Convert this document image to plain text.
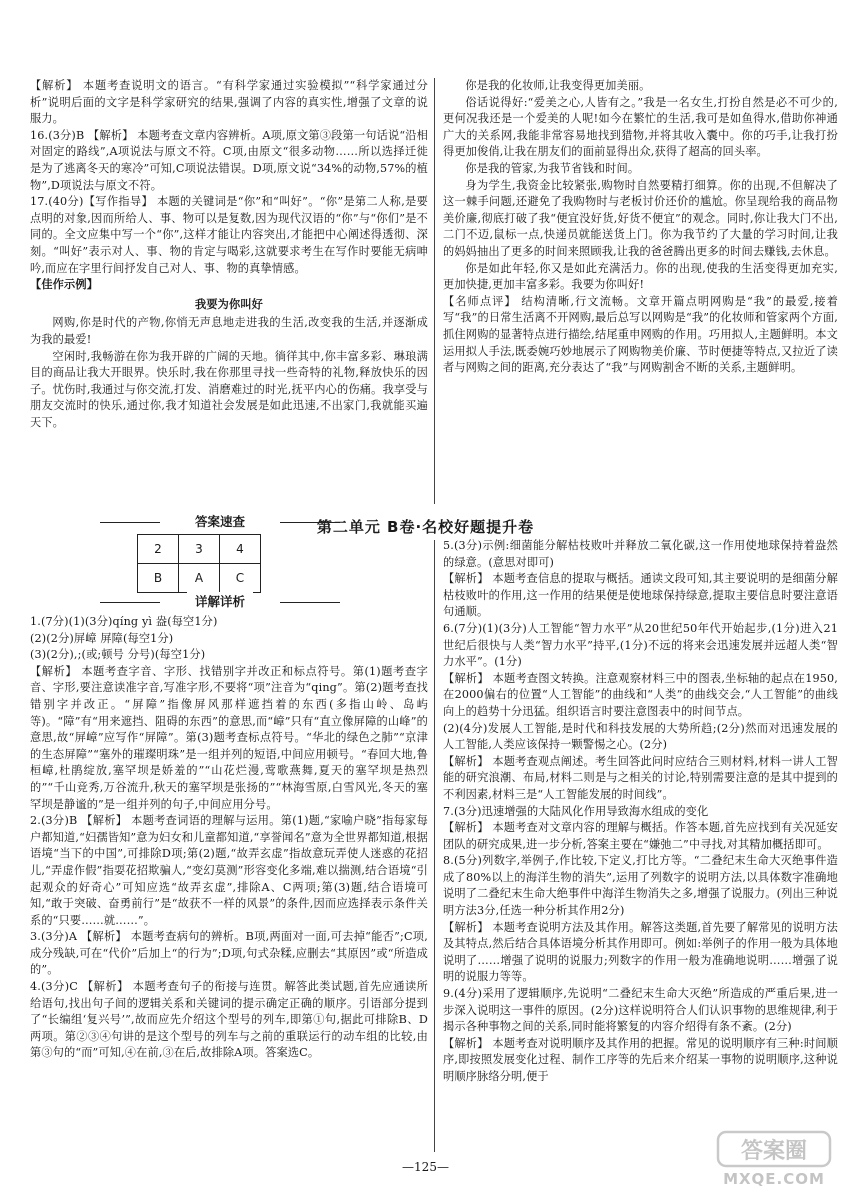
【解析】 本题考查说明文的语言。“有科学家通过实验模拟”“科学家通过分析”说明后面的文字是科学家研究的结果,强调了内容的真实性,增强了文章的说服力。

16.(3分)B 【解析】 本题考查文章内容辨析。A项,原文第③段第一句话说“沿相对固定的路线”,A项说法与原文不符。C项,由原文“很多动物……所以选择迁徙是为了逃离冬天的寒冷”可知,C项说法错误。D项,原文说“34%的动物,57%的植物”,D项说法与原文不符。

17.(40分)【写作指导】 本题的关键词是“你”和“叫好”。“你”是第二人称,是要点明的对象,因而所给人、事、物可以是复数,因为现代汉语的“你”与“你们”是不同的。全文应集中写一个“你”,这样才能让内容突出,才能把中心阐述得透彻、深刻。“叫好”表示对人、事、物的肯定与喝彩,这就要求考生在写作时要能无病呻吟,而应在字里行间抒发自己对人、事、物的真挚情感。

【佳作示例】

我要为你叫好

网购,你是时代的产物,你悄无声息地走进我的生活,改变我的生活,并逐渐成为我的最爱!

空闲时,我畅游在你为我开辟的广阔的天地。徜徉其中,你丰富多彩、琳琅满目的商品让我大开眼界。快乐时,我在你那里寻找一些奇特的礼物,释放快乐的因子。忧伤时,我通过与你交流,打发、消磨难过的时光,抚平内心的伤痛。我享受与朋友交流时的快乐,通过你,我才知道社会发展是如此迅速,不出家门,我就能买遍天下。

你是我的化妆师,让我变得更加美丽。

俗话说得好:“爱美之心,人皆有之。”我是一名女生,打扮自然是必不可少的,更何况我还是一个爱美的人呢!如今在繁忙的生活,我可是如鱼得水,借助你神通广大的关系网,我能非常容易地找到猎物,并将其收入囊中。你的巧手,让我打扮得更加俊俏,让我在朋友们的面前显得出众,获得了超高的回头率。

你是我的管家,为我节省钱和时间。

身为学生,我资金比较紧张,购物时自然要精打细算。你的出现,不但解决了这一棘手问题,还避免了我购物时与老板讨价还价的尴尬。你呈现给我的商品物美价廉,彻底打破了我“便宜没好货,好货不便宜”的观念。同时,你让我大门不出,二门不迈,鼠标一点,快递员就能送货上门。你为我节约了大量的学习时间,让我的妈妈抽出了更多的时间来照顾我,让我的爸爸腾出更多的时间去赚钱,去休息。

你是如此年轻,你又是如此充满活力。你的出现,使我的生活变得更加充实,更加快捷,更加丰富多彩。我要为你叫好!

【名师点评】 结构清晰,行文流畅。文章开篇点明网购是“我”的最爱,接着写“我”的日常生活离不开网购,最后总写以网购是“我”的化妆师和管家两个方面,抓住网购的显著特点进行描绘,结尾重申网购的作用。巧用拟人,主题鲜明。本文运用拟人手法,既委婉巧妙地展示了网购物美价廉、节时便捷等特点,又拉近了读者与网购之间的距离,充分表达了“我”与网购割舍不断的关系,主题鲜明。

第二单元 B卷·名校好题提升卷
答案速查
2	3	4
B	A	C
详解详析

1.(7分)(1)(3分)qíng yì 盎(每空1分)

(2)(2分)屏嶂 屏障(每空1分)

(3)(2分),;(或;顿号 分号)(每空1分)

【解析】 本题考查字音、字形、找错别字并改正和标点符号。第(1)题考查字音、字形,要注意读准字音,写准字形,不要将“项”注音为“qing”。第(2)题考查找错别字并改正。“屏障”指像屏风那样遮挡着的东西(多指山岭、岛屿等)。“障”有“用来遮挡、阻碍的东西”的意思,而“嶂”只有“直立像屏障的山峰”的意思,故“屏嶂”应写作“屏障”。第(3)题考查标点符号。“华北的绿色之肺”“京津的生态屏障”“塞外的璀璨明珠”是一组并列的短语,中间应用顿号。“春回大地,鲁桓嶂,杜鹃绽放,塞罕坝是娇羞的”“山花烂漫,莺歌燕舞,夏天的塞罕坝是热烈的”“千山竞秀,万谷流升,秋天的塞罕坝是张扬的”“林海雪原,白雪风光,冬天的塞罕坝是静谧的”是一组并列的句子,中间应用分号。

2.(3分)B 【解析】 本题考查词语的理解与运用。第(1)题,“家喻户晓”指每家每户都知道,“妇孺皆知”意为妇女和儿童都知道,“享誉闻名”意为全世界都知道,根据语境“当下的中国”,可排除D项;第(2)题,“故弄玄虚”指故意玩弄使人迷惑的花招儿,“弄虚作假”指耍花招欺骗人,“变幻莫测”形容变化多端,难以揣测,结合语境“引起观众的好奇心”可知应选“故弄玄虚”,排除A、C两项;第(3)题,结合语境可知,“敢于突破、奋勇前行”是“故获不一样的风景”的条件,因而应选择表示条件关系的“只要……就……”。

3.(3分)A 【解析】 本题考查病句的辨析。B项,两面对一面,可去掉“能否”;C项,成分残缺,可在“代价”后加上“的行为”;D项,句式杂糅,应删去“其原因”或“所造成的”。

4.(3分)C 【解析】 本题考查句子的衔接与连贯。解答此类试题,首先应通读所给语句,找出句子间的逻辑关系和关键词的提示确定正确的顺序。引语部分提到了“长编组‘复兴号’”,故而应先介绍这个型号的列车,即第①句,据此可排除B、D两项。第②③④句讲的是这个型号的列车与之前的重联运行的动车组的比较,由第③句的“而”可知,④在前,③在后,故排除A项。答案选C。

5.(3分)示例:细菌能分解枯枝败叶并释放二氧化碳,这一作用使地球保持着盎然的绿意。(意思对即可)

【解析】 本题考查信息的提取与概括。通读文段可知,其主要说明的是细菌分解枯枝败叶的作用,这一作用的结果便是使地球保持绿意,提取主要信息时要注意语句通顺。

6.(7分)(1)(3分)人工智能“智力水平”从20世纪50年代开始起步,(1分)进入21世纪后很快与人类“智力水平”持平,(1分)不远的将来会迅速发展并远超人类“智力水平”。(1分)

【解析】 本题考查图文转换。注意观察材料三中的图表,坐标轴的起点在1950,在2000偏右的位置“人工智能”的曲线和“人类”的曲线交会,“人工智能”的曲线向上的趋势十分迅猛。组织语言时要注意图表中的时间节点。

(2)(4分)发展人工智能,是时代和科技发展的大势所趋;(2分)然而对迅速发展的人工智能,人类应该保持一颗警惕之心。(2分)

【解析】 本题考查观点阐述。考生回答此问时应结合三则材料,材料一讲人工智能的研究浪潮、布局,材料二则是与之相关的讨论,特别需要注意的是其中提到的不利因素,材料三是“人工智能发展的时间线”。

7.(3分)迅速增强的大陆风化作用导致海水组成的变化

【解析】 本题考查对文章内容的理解与概括。作答本题,首先应找到有关况延安团队的研究成果,进一步分析,答案主要在“嫌弛二”中寻找,对其精加概括即可。

8.(5分)列数字,举例子,作比较,下定义,打比方等。“二叠纪末生命大灭绝事件造成了80%以上的海洋生物的消失”,运用了列数字的说明方法,以具体数字准确地说明了二叠纪末生命大绝事件中海洋生物消失之多,增强了说服力。(列出三种说明方法3分,任选一种分析其作用2分)

【解析】 本题考查说明方法及其作用。解答这类题,首先要了解常见的说明方法及其特点,然后结合具体语境分析其作用即可。例如:举例子的作用一般为具体地说明了……增强了说明的说服力;列数字的作用一般为准确地说明……增强了说明的说服力等等。

9.(4分)采用了逻辑顺序,先说明“二叠纪末生命大灭绝”所造成的严重后果,进一步深入说明这一事件的原因。(2分)这样说明符合人们认识事物的思维规律,利于揭示各种事物之间的关系,同时能将繁复的内容介绍得有条不紊。(2分)

【解析】 本题考查对说明顺序及其作用的把握。常见的说明顺序有三种:时间顺序,即按照发展变化过程、制作工序等的先后来介绍某一事物的说明顺序,这种说明顺序脉络分明,便于

—125—
答案圈
MXQE.COM
